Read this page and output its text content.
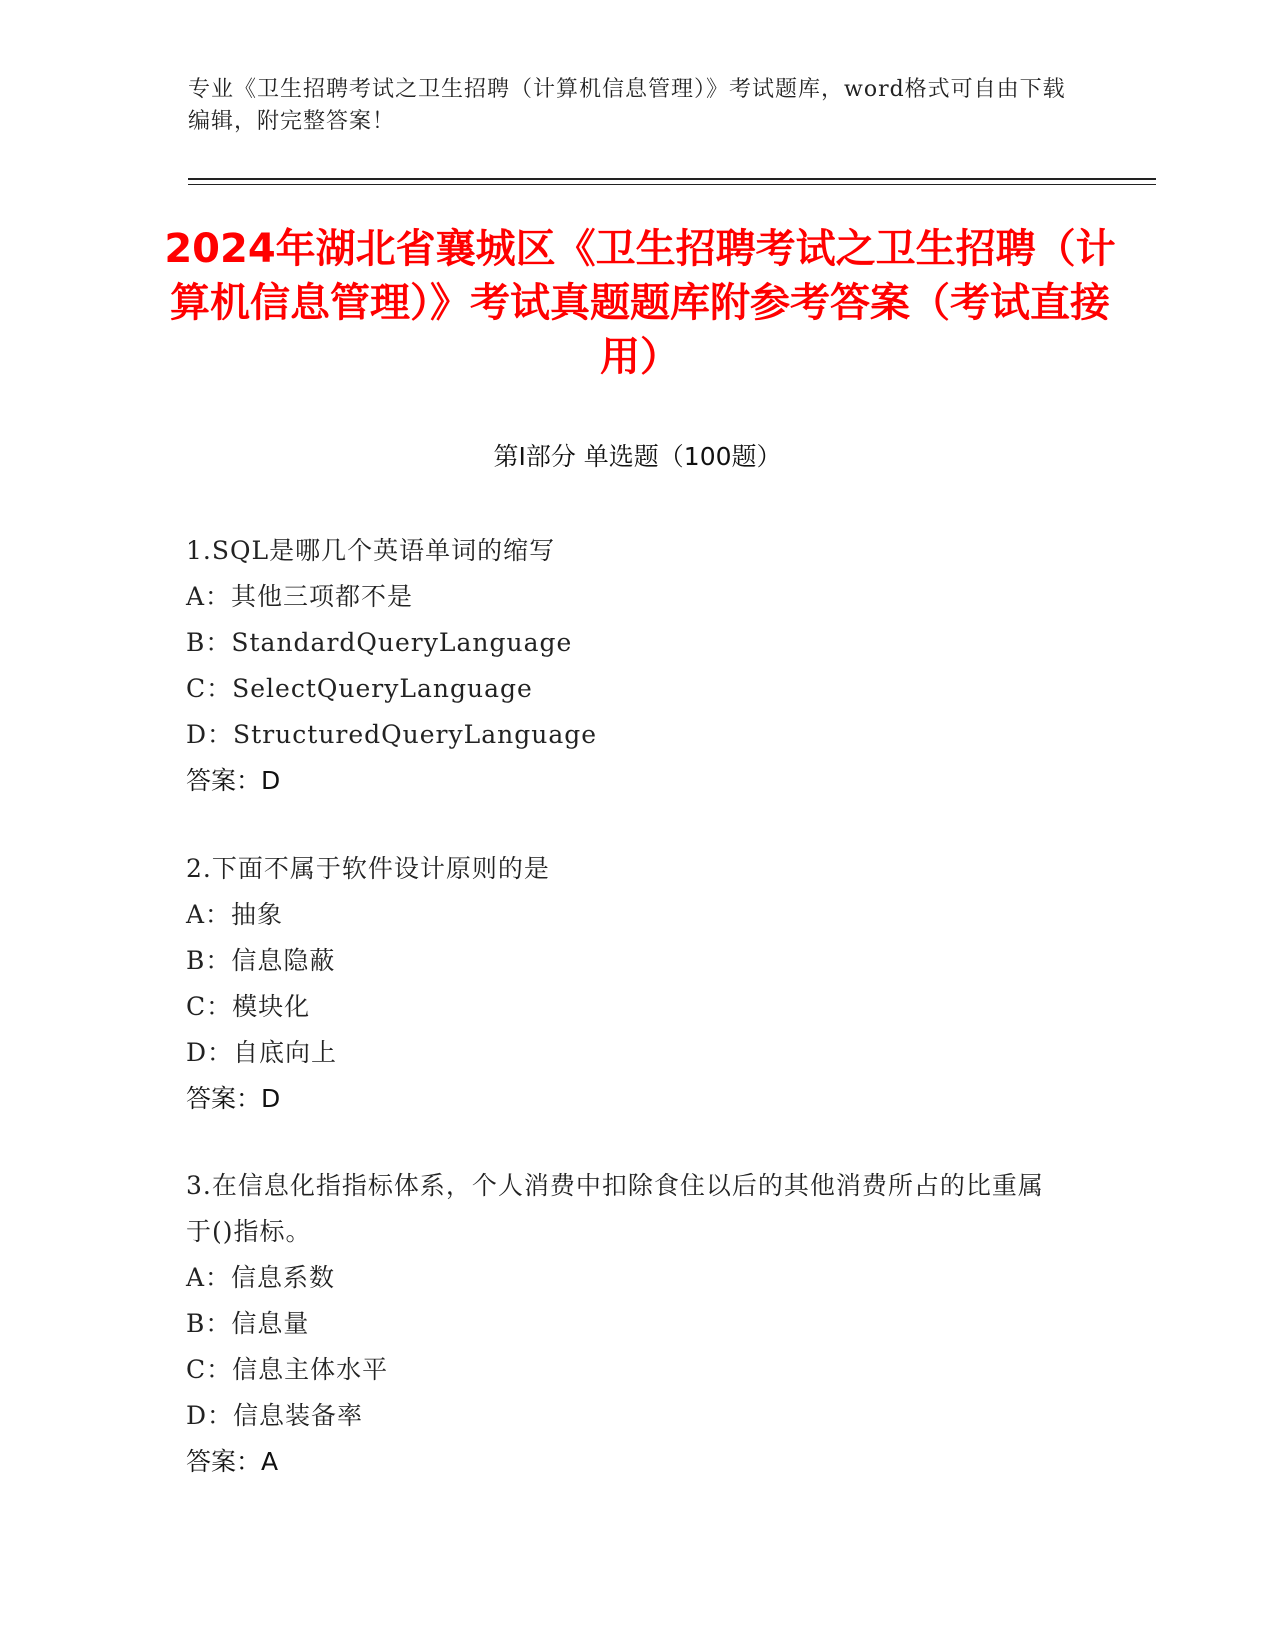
专业《卫生招聘考试之卫生招聘（计算机信息管理）》考试题库，word格式可自由下载编辑，附完整答案！
2024年湖北省襄城区《卫生招聘考试之卫生招聘（计算机信息管理）》考试真题题库附参考答案（考试直接用）
第Ⅰ部分 单选题（100题）
1.SQL是哪几个英语单词的缩写
A：其他三项都不是
B：StandardQueryLanguage
C：SelectQueryLanguage
D：StructuredQueryLanguage
答案：D
2.下面不属于软件设计原则的是
A：抽象
B：信息隐蔽
C：模块化
D：自底向上
答案：D
3.在信息化指指标体系，个人消费中扣除食住以后的其他消费所占的比重属于()指标。
A：信息系数
B：信息量
C：信息主体水平
D：信息装备率
答案：A
